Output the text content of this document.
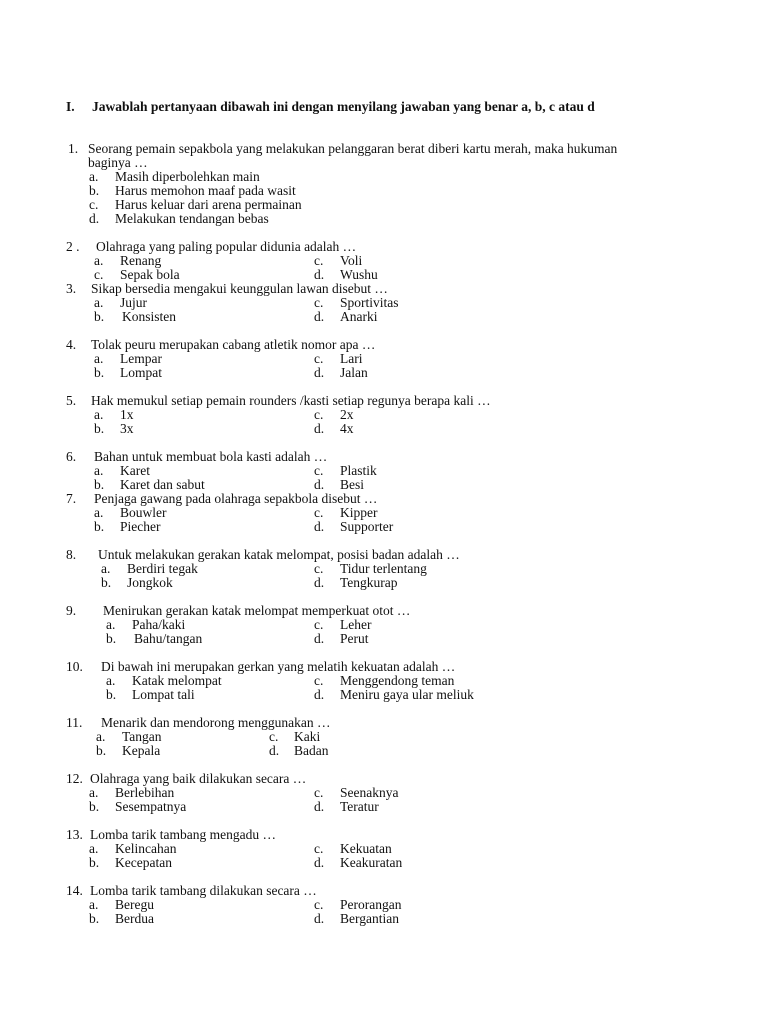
I. Jawablah pertanyaan dibawah ini dengan menyilang jawaban yang benar a, b, c atau d
1. Seorang pemain sepakbola yang melakukan pelanggaran berat diberi kartu merah, maka hukuman
baginya …
a. Masih diperbolehkan main
b. Harus memohon maaf pada wasit
c. Harus keluar dari arena permainan
d. Melakukan tendangan bebas
2 . Olahraga yang paling popular didunia adalah …
a. Renang	c. Voli
c. Sepak bola	d. Wushu
3. Sikap bersedia mengakui keunggulan lawan disebut …
a. Jujur	c. Sportivitas
b. Konsisten	d. Anarki
4. Tolak peuru merupakan cabang atletik nomor apa …
a. Lempar	c. Lari
b. Lompat	d. Jalan
5. Hak memukul setiap pemain rounders /kasti setiap regunya berapa kali …
a. 1x	c. 2x
b. 3x	d. 4x
6. Bahan untuk membuat bola kasti adalah …
a. Karet	c. Plastik
b. Karet dan sabut	d. Besi
7. Penjaga gawang pada olahraga sepakbola disebut …
a. Bouwler	c. Kipper
b. Piecher	d. Supporter
8. Untuk melakukan gerakan katak melompat, posisi badan adalah …
a. Berdiri tegak	c. Tidur terlentang
b. Jongkok	d. Tengkurap
9. Menirukan gerakan katak melompat memperkuat otot …
a. Paha/kaki	c. Leher
b. Bahu/tangan	d. Perut
10. Di bawah ini merupakan gerkan yang melatih kekuatan adalah …
a. Katak melompat	c. Menggendong teman
b. Lompat tali	d. Meniru gaya ular meliuk
11. Menarik dan mendorong menggunakan …
a. Tangan	c. Kaki
b. Kepala	d. Badan
12. Olahraga yang baik dilakukan secara …
a. Berlebihan	c. Seenaknya
b. Sesempatnya	d. Teratur
13. Lomba tarik tambang mengadu …
a. Kelincahan	c. Kekuatan
b. Kecepatan	d. Keakuratan
14. Lomba tarik tambang dilakukan secara …
a. Beregu	c. Perorangan
b. Berdua	d. Bergantian
